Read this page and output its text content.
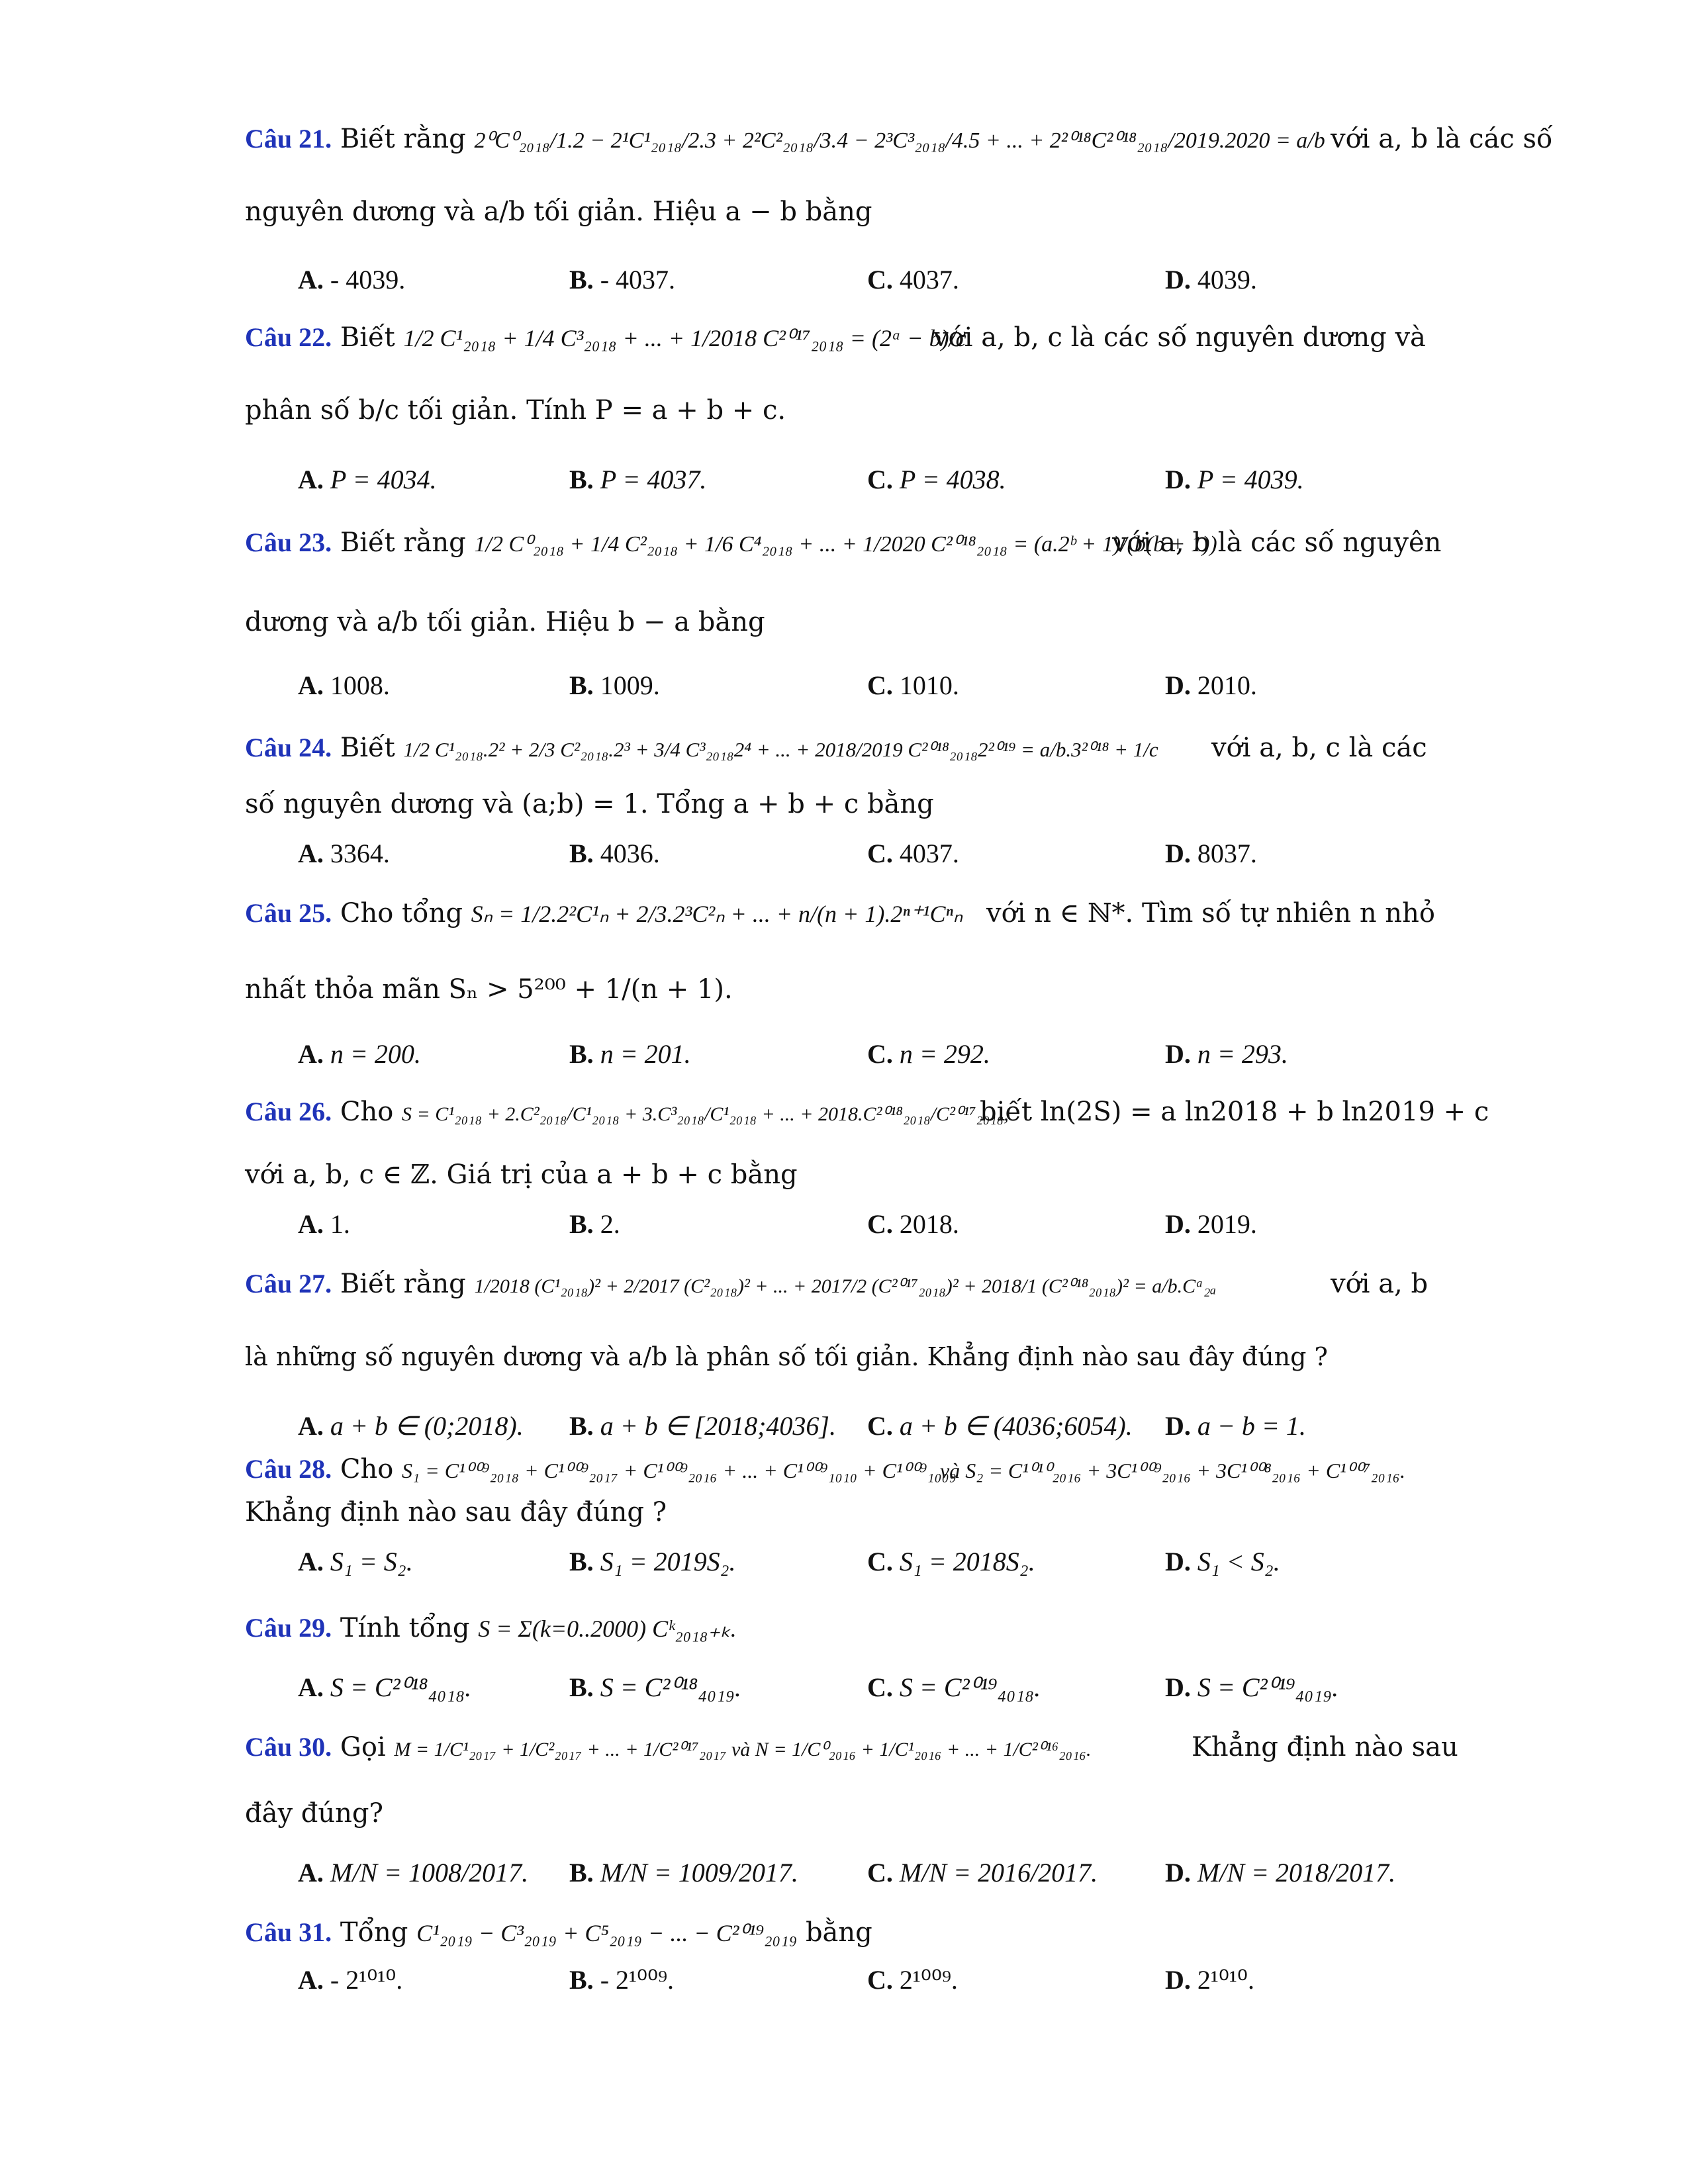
Câu 21. Biết rằng 2⁰C⁰₂₀₁₈/1.2 − 2¹C¹₂₀₁₈/2.3 + 2²C²₂₀₁₈/3.4 − 2³C³₂₀₁₈/4.5 + ... + 2²⁰¹⁸C²⁰¹⁸₂₀₁₈/2019.2020 = a/b với a, b là các số
nguyên dương và a/b tối giản. Hiệu a − b bằng
A. - 4039.	B. - 4037.	C. 4037.	D. 4039.
Câu 22. Biết 1/2 C¹₂₀₁₈ + 1/4 C³₂₀₁₈ + ... + 1/2018 C²⁰¹⁷₂₀₁₈ = (2ᵃ − b)/c
với a, b, c là các số nguyên dương và
phân số b/c tối giản. Tính P = a + b + c.
A. P = 4034.	B. P = 4037.	C. P = 4038.	D. P = 4039.
Câu 23. Biết rằng 1/2 C⁰₂₀₁₈ + 1/4 C²₂₀₁₈ + 1/6 C⁴₂₀₁₈ + ... + 1/2020 C²⁰¹⁸₂₀₁₈ = (a.2ᵇ + 1)/(b(b + 1))
với a, b là các số nguyên
dương và a/b tối giản. Hiệu b − a bằng
A. 1008.	B. 1009.	C. 1010.	D. 2010.
Câu 24. Biết 1/2 C¹₂₀₁₈.2² + 2/3 C²₂₀₁₈.2³ + 3/4 C³₂₀₁₈2⁴ + ... + 2018/2019 C²⁰¹⁸₂₀₁₈2²⁰¹⁹ = a/b.3²⁰¹⁸ + 1/c với a, b, c là các
số nguyên dương và (a;b) = 1. Tổng a + b + c bằng
A. 3364.	B. 4036.	C. 4037.	D. 8037.
Câu 25. Cho tổng Sₙ = 1/2.2²C¹ₙ + 2/3.2³C²ₙ + ... + n/(n + 1).2ⁿ⁺¹Cⁿₙ với n ∈ ℕ*. Tìm số tự nhiên n nhỏ
nhất thỏa mãn Sₙ > 5²⁰⁰ + 1/(n + 1).
A. n = 200.	B. n = 201.	C. n = 292.	D. n = 293.
Câu 26. Cho S = C¹₂₀₁₈ + 2.C²₂₀₁₈/C¹₂₀₁₈ + 3.C³₂₀₁₈/C¹₂₀₁₈ + ... + 2018.C²⁰¹⁸₂₀₁₈/C²⁰¹⁷₂₀₁₈,
biết ln(2S) = a ln2018 + b ln2019 + c
với a, b, c ∈ ℤ. Giá trị của a + b + c bằng
A. 1.	B. 2.	C. 2018.	D. 2019.
Câu 27. Biết rằng 1/2018 (C¹₂₀₁₈)² + 2/2017 (C²₂₀₁₈)² + ... + 2017/2 (C²⁰¹⁷₂₀₁₈)² + 2018/1 (C²⁰¹⁸₂₀₁₈)² = a/b.Cᵃ₂ₐ	với a, b
là những số nguyên dương và a/b là phân số tối giản. Khẳng định nào sau đây đúng ?
A. a + b ∈ (0;2018). B. a + b ∈ [2018;4036]. C. a + b ∈ (4036;6054). D. a − b = 1.
Câu 28. Cho S₁ = C¹⁰⁰⁹₂₀₁₈ + C¹⁰⁰⁹₂₀₁₇ + C¹⁰⁰⁹₂₀₁₆ + ... + C¹⁰⁰⁹₁₀₁₀ + C¹⁰⁰⁹₁₀₀₉
và S₂ = C¹⁰¹⁰₂₀₁₆ + 3C¹⁰⁰⁹₂₀₁₆ + 3C¹⁰⁰⁸₂₀₁₆ + C¹⁰⁰⁷₂₀₁₆.
Khẳng định nào sau đây đúng ?
A. S₁ = S₂.	B. S₁ = 2019S₂.	C. S₁ = 2018S₂.	D. S₁ < S₂.
Câu 29. Tính tổng S = Σ(k=0..2000) Cᵏ₂₀₁₈₊ₖ.
A. S = C²⁰¹⁸₄₀₁₈.	B. S = C²⁰¹⁸₄₀₁₉.	C. S = C²⁰¹⁹₄₀₁₈.	D. S = C²⁰¹⁹₄₀₁₉.
Câu 30. Gọi M = 1/C¹₂₀₁₇ + 1/C²₂₀₁₇ + ... + 1/C²⁰¹⁷₂₀₁₇ và N = 1/C⁰₂₀₁₆ + 1/C¹₂₀₁₆ + ... + 1/C²⁰¹⁶₂₀₁₆.	Khẳng định nào sau
đây đúng?
A. M/N = 1008/2017. B. M/N = 1009/2017.	C. M/N = 2016/2017.	D. M/N = 2018/2017.
Câu 31. Tổng C¹₂₀₁₉ − C³₂₀₁₉ + C⁵₂₀₁₉ − ... − C²⁰¹⁹₂₀₁₉ bằng
A. - 2¹⁰¹⁰.	B. - 2¹⁰⁰⁹.	C. 2¹⁰⁰⁹.	D. 2¹⁰¹⁰.
